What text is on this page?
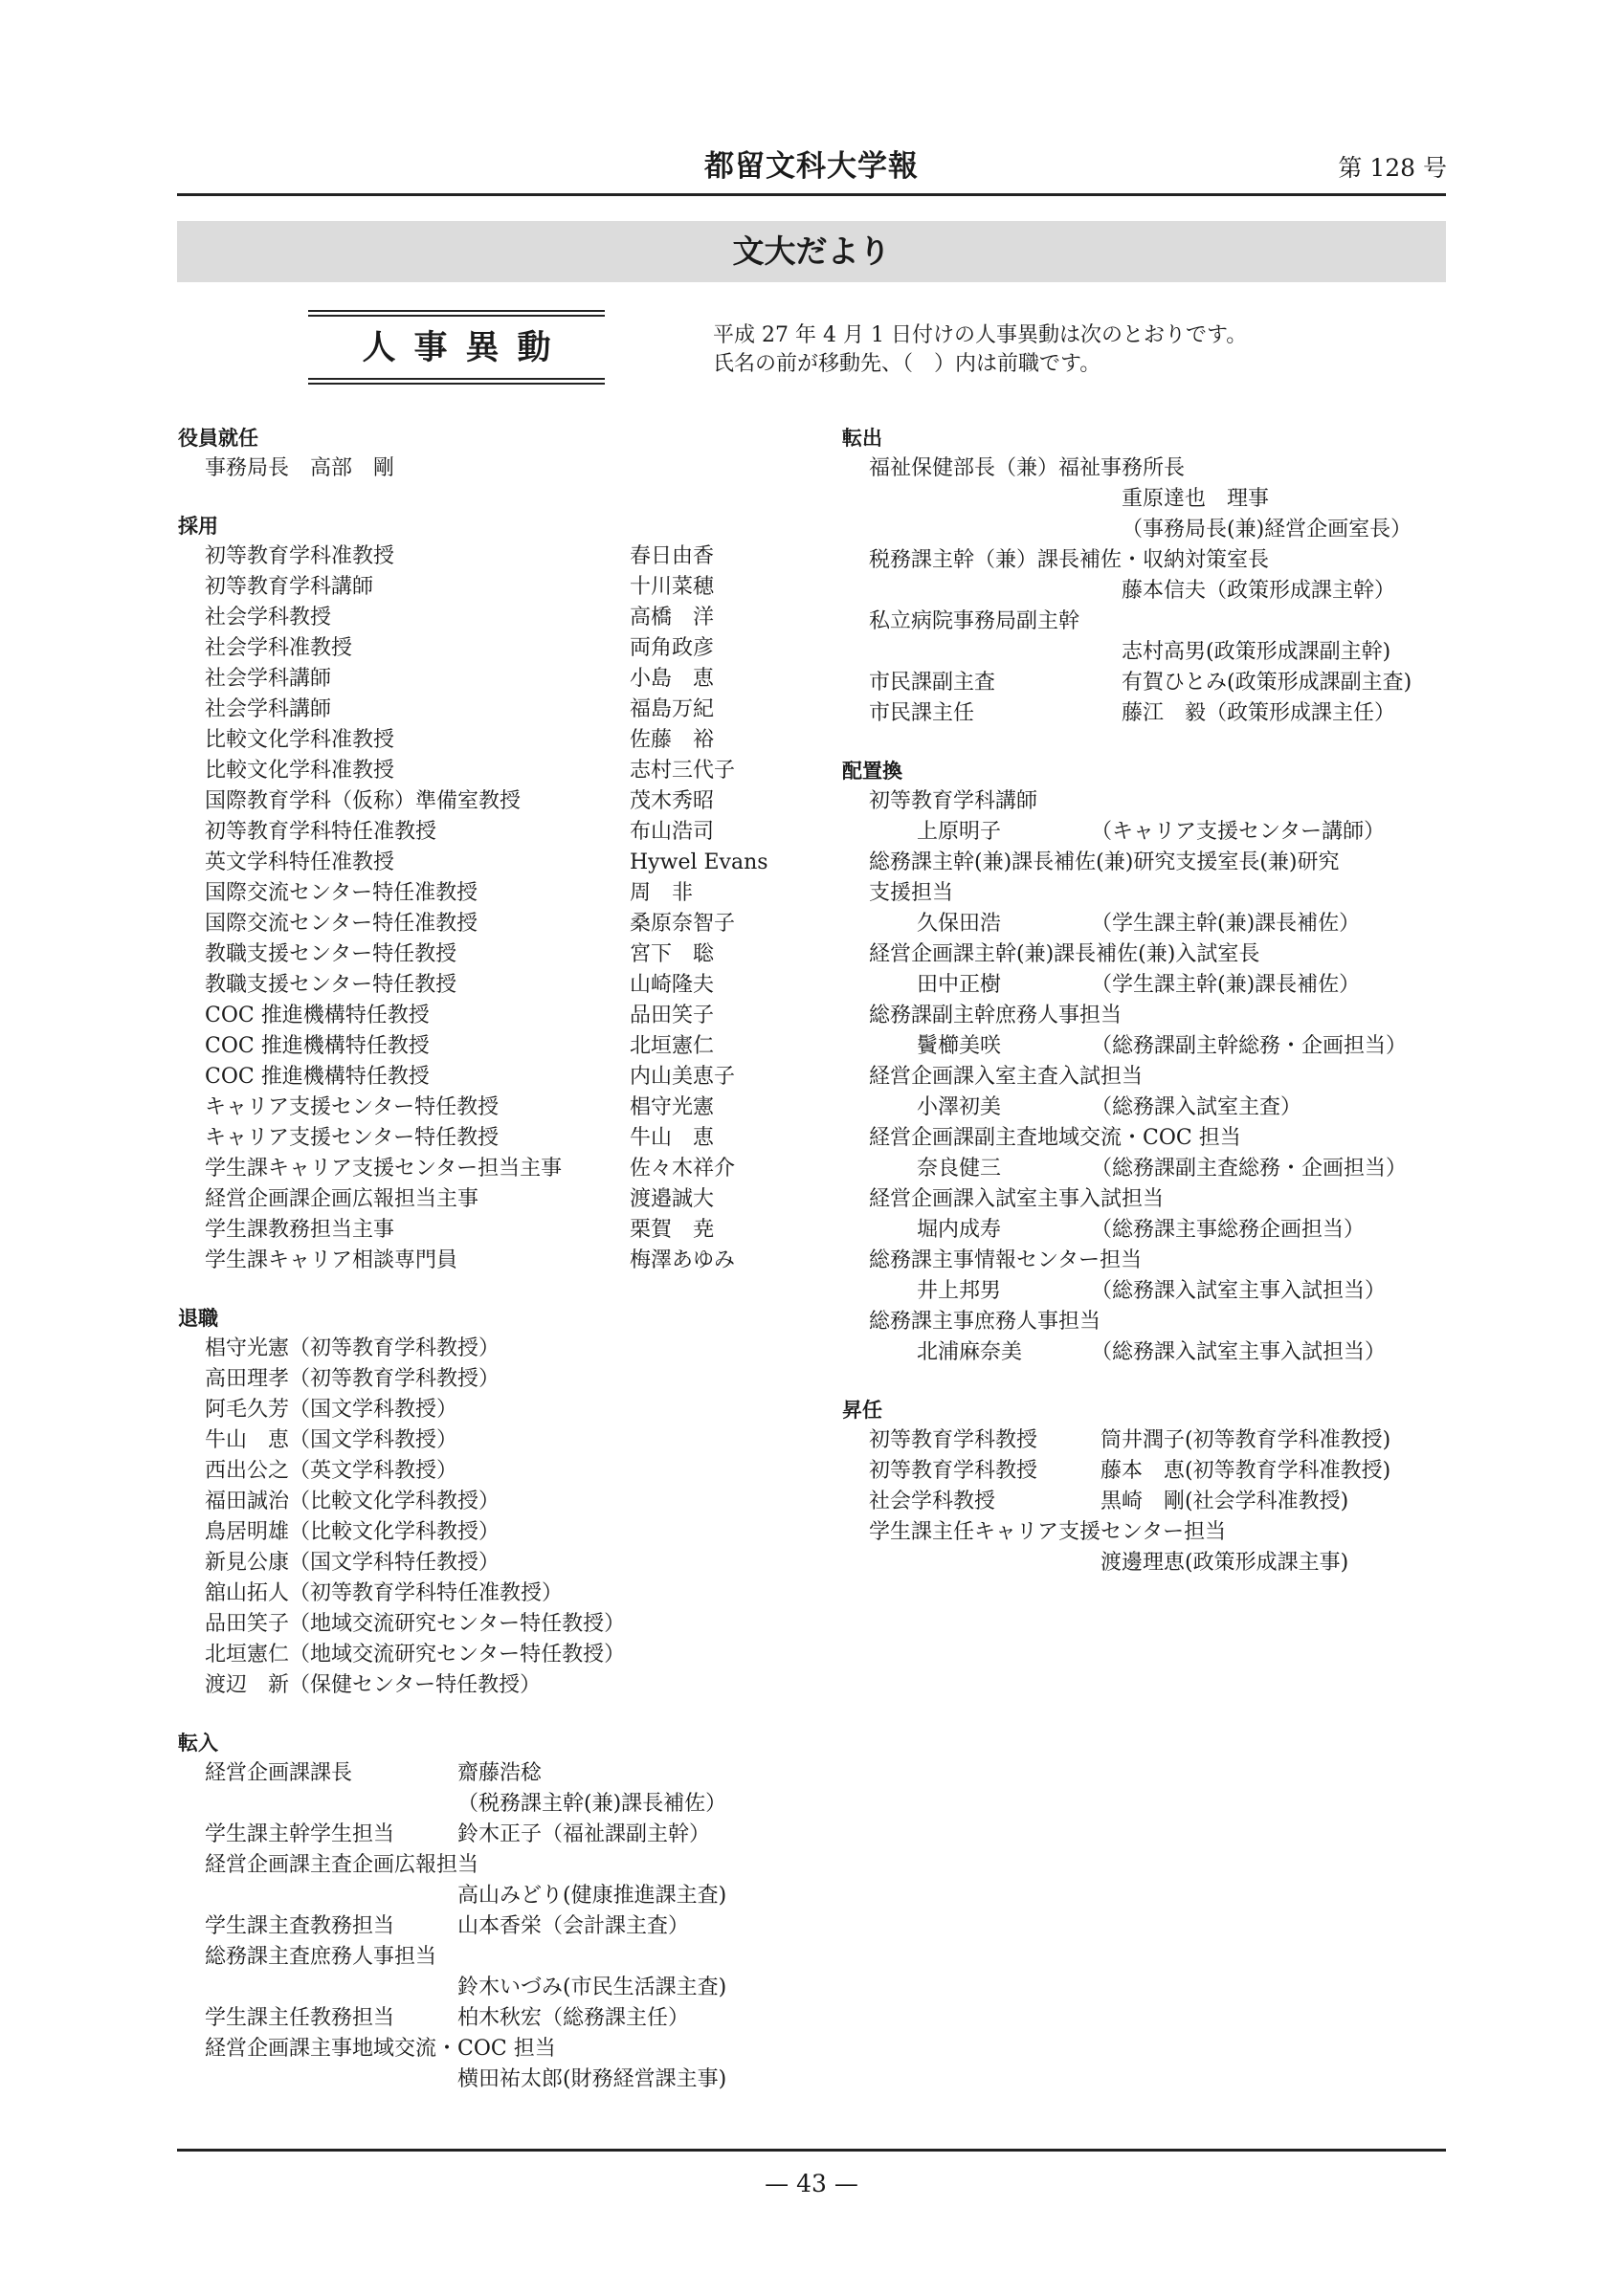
都留文科大学報	第 128 号
文大だより
人事異動	平成 27 年 4 月 1 日付けの人事異動は次のとおりです。
氏名の前が移動先、（　）内は前職です。
役員就任
事務局長　高部　剛
採用
初等教育学科准教授	春日由香
初等教育学科講師	十川菜穂
社会学科教授	高橋　洋
社会学科准教授	両角政彦
社会学科講師	小島　恵
社会学科講師	福島万紀
比較文化学科准教授	佐藤　裕
比較文化学科准教授	志村三代子
国際教育学科（仮称）準備室教授	茂木秀昭
初等教育学科特任准教授	布山浩司
英文学科特任准教授	Hywel Evans
国際交流センター特任准教授	周　非
国際交流センター特任准教授	桑原奈智子
教職支援センター特任教授	宮下　聡
教職支援センター特任教授	山崎隆夫
COC 推進機構特任教授	品田笑子
COC 推進機構特任教授	北垣憲仁
COC 推進機構特任教授	内山美恵子
キャリア支援センター特任教授	椙守光憲
キャリア支援センター特任教授	牛山　恵
学生課キャリア支援センター担当主事	佐々木祥介
経営企画課企画広報担当主事	渡邉誠大
学生課教務担当主事	栗賀　尭
学生課キャリア相談専門員	梅澤あゆみ
退職
椙守光憲（初等教育学科教授）
高田理孝（初等教育学科教授）
阿毛久芳（国文学科教授）
牛山　恵（国文学科教授）
西出公之（英文学科教授）
福田誠治（比較文化学科教授）
鳥居明雄（比較文化学科教授）
新見公康（国文学科特任教授）
舘山拓人（初等教育学科特任准教授）
品田笑子（地域交流研究センター特任教授）
北垣憲仁（地域交流研究センター特任教授）
渡辺　新（保健センター特任教授）
転入
経営企画課課長	齋藤浩稔
（税務課主幹(兼)課長補佐）
学生課主幹学生担当	鈴木正子（福祉課副主幹）
経営企画課主査企画広報担当
高山みどり(健康推進課主査)
学生課主査教務担当	山本香栄（会計課主査）
総務課主査庶務人事担当
鈴木いづみ(市民生活課主査)
学生課主任教務担当	柏木秋宏（総務課主任）
経営企画課主事地域交流・COC 担当
横田祐太郎(財務経営課主事)
転出
福祉保健部長（兼）福祉事務所長
重原達也　理事
（事務局長(兼)経営企画室長）
税務課主幹（兼）課長補佐・収納対策室長
藤本信夫（政策形成課主幹）
私立病院事務局副主幹
志村高男(政策形成課副主幹)
市民課副主査	有賀ひとみ(政策形成課副主査)
市民課主任	藤江　毅（政策形成課主任）
配置換
初等教育学科講師
上原明子	（キャリア支援センター講師）
総務課主幹(兼)課長補佐(兼)研究支援室長(兼)研究
支援担当
久保田浩	（学生課主幹(兼)課長補佐）
経営企画課主幹(兼)課長補佐(兼)入試室長
田中正樹	（学生課主幹(兼)課長補佐）
総務課副主幹庶務人事担当
鬢櫛美咲	（総務課副主幹総務・企画担当）
経営企画課入室主査入試担当
小澤初美	（総務課入試室主査）
経営企画課副主査地域交流・COC 担当
奈良健三	（総務課副主査総務・企画担当）
経営企画課入試室主事入試担当
堀内成寿	（総務課主事総務企画担当）
総務課主事情報センター担当
井上邦男	（総務課入試室主事入試担当）
総務課主事庶務人事担当
北浦麻奈美	（総務課入試室主事入試担当）
昇任
初等教育学科教授	筒井潤子(初等教育学科准教授)
初等教育学科教授	藤本　恵(初等教育学科准教授)
社会学科教授	黒崎　剛(社会学科准教授)
学生課主任キャリア支援センター担当
渡邊理恵(政策形成課主事)
— 43 —
